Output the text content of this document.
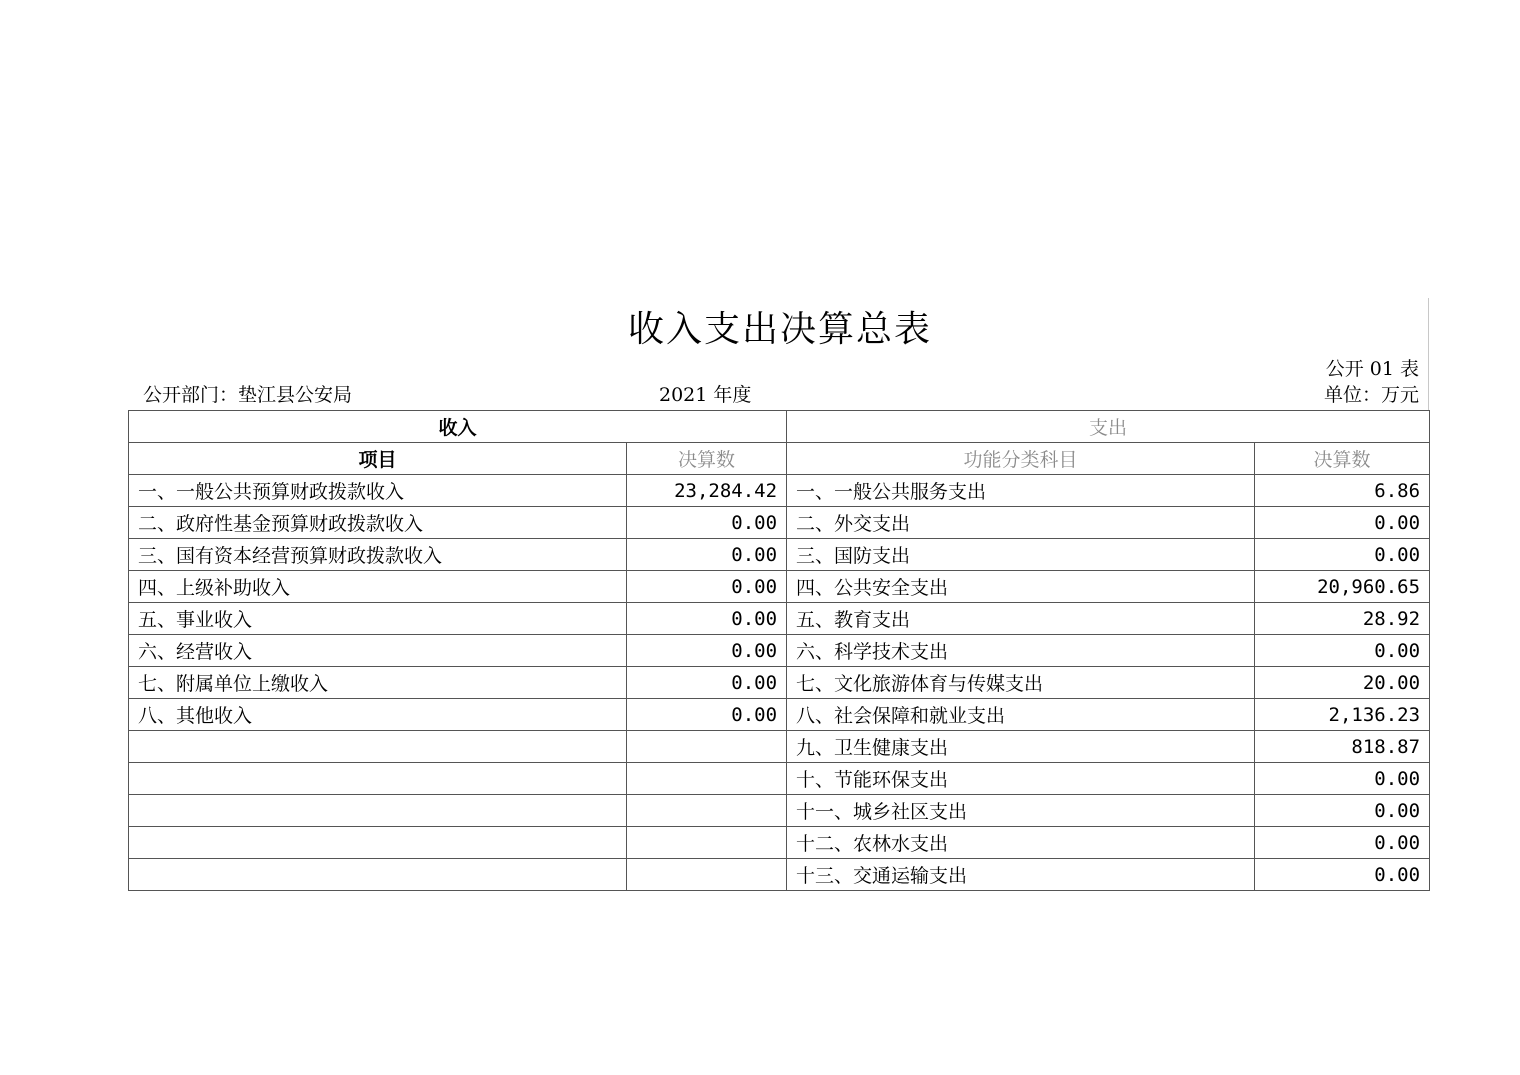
收入支出决算总表
公开部门：垫江县公安局	2021 年度
公开 01 表
单位：万元
收入		支出	
项目	决算数	功能分类科目	决算数
一、一般公共预算财政拨款收入	23,284.42	一、一般公共服务支出	6.86
二、政府性基金预算财政拨款收入	0.00	二、外交支出	0.00
三、国有资本经营预算财政拨款收入	0.00	三、国防支出	0.00
四、上级补助收入	0.00	四、公共安全支出	20,960.65
五、事业收入	0.00	五、教育支出	28.92
六、经营收入	0.00	六、科学技术支出	0.00
七、附属单位上缴收入	0.00	七、文化旅游体育与传媒支出	20.00
八、其他收入	0.00	八、社会保障和就业支出	2,136.23
		九、卫生健康支出	818.87
		十、节能环保支出	0.00
		十一、城乡社区支出	0.00
		十二、农林水支出	0.00
		十三、交通运输支出	0.00
